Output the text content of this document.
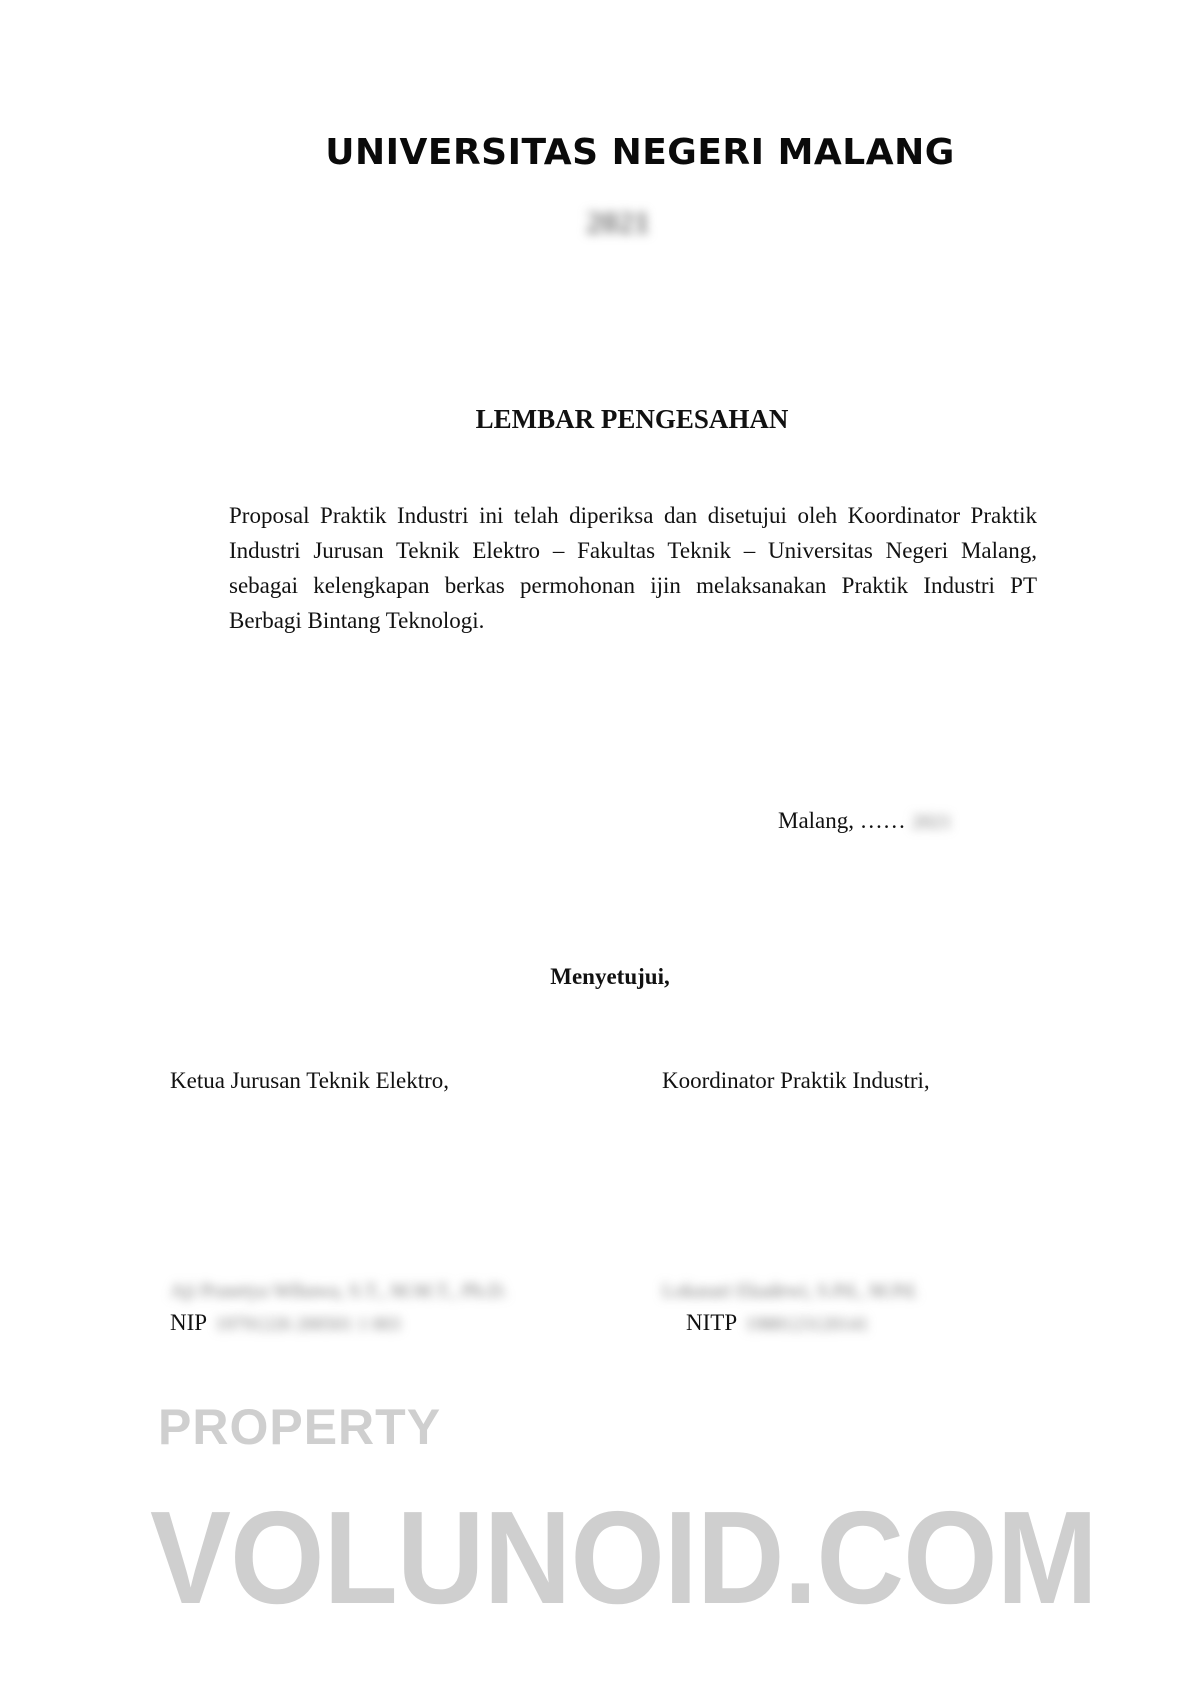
UNIVERSITAS NEGERI MALANG
2021
LEMBAR PENGESAHAN

Proposal Praktik Industri ini telah diperiksa dan disetujui oleh Koordinator Praktik Industri Jurusan Teknik Elektro – Fakultas Teknik – Universitas Negeri Malang, sebagai kelengkapan berkas permohonan ijin melaksanakan Praktik Industri PT Berbagi Bintang Teknologi.

Malang, …… 2021

Menyetujui,

Ketua Jurusan Teknik Elektro,
Aji Prasetya Wibawa, S.T., M.M.T., Ph.D.
NIP 19791226 200501 1 003
Koordinator Praktik Industri,
Lokasari Ekadewi, S.Pd., M.Pd.
NITP 1988123120141
PROPERTY
VOLUNOID.COM
